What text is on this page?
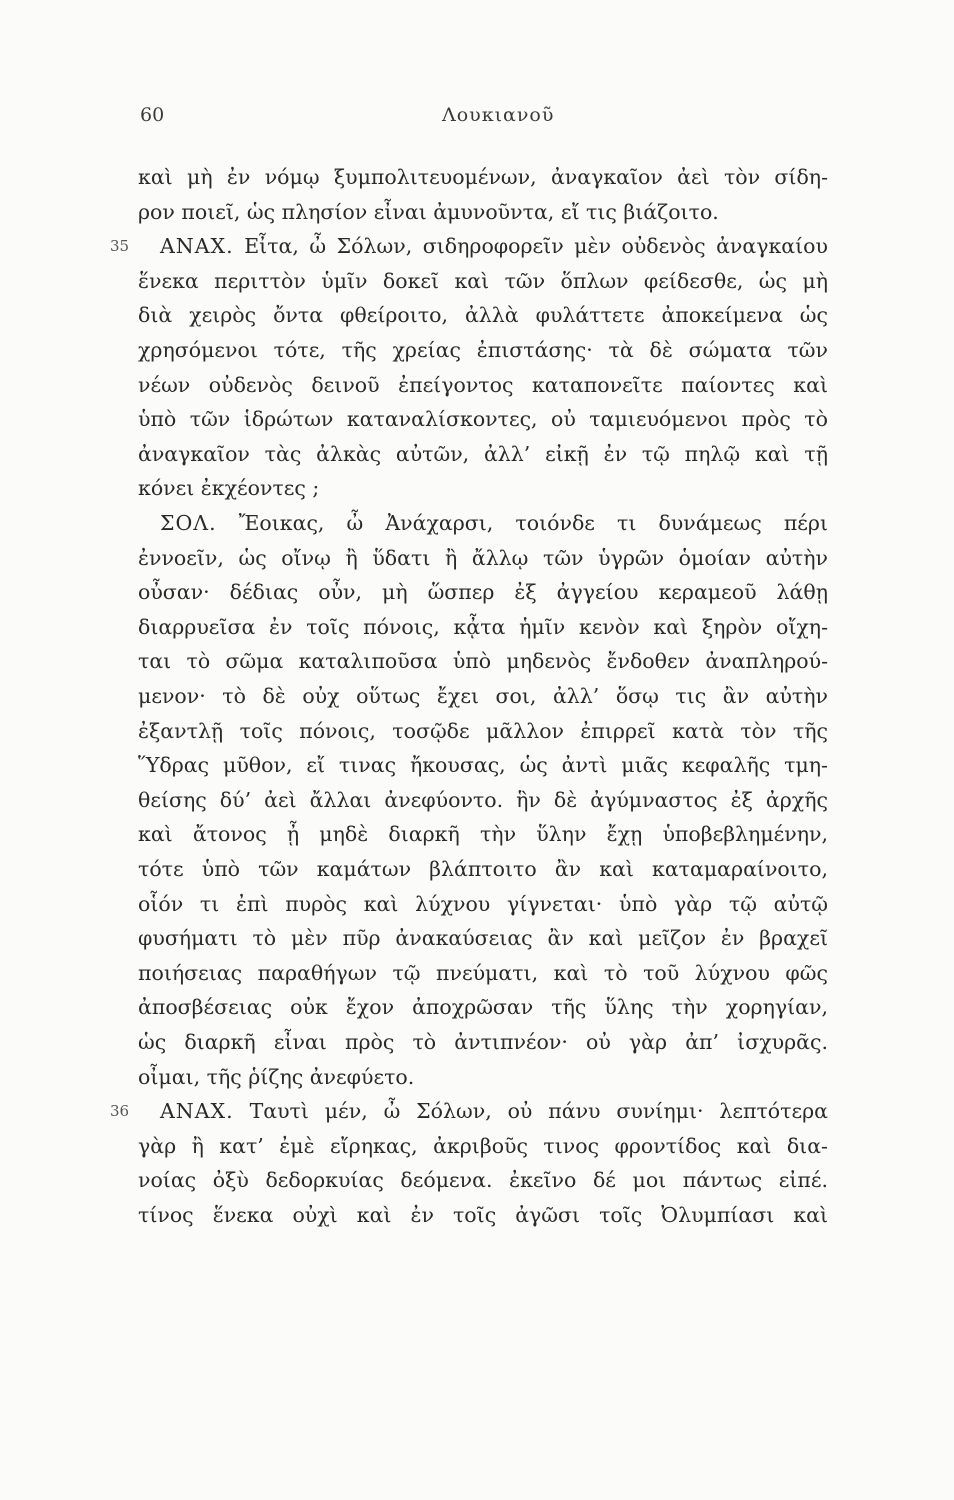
60	Λουκιανοῦ
καὶ μὴ ἐν νόμῳ ξυμπολιτευομένων, ἀναγκαῖον ἀεὶ τὸν σίδη-
ρον ποιεῖ, ὡς πλησίον εἶναι ἀμυνοῦντα, εἴ τις βιάζοιτο.
35 ΑΝΑΧ. Εἶτα, ὦ Σόλων, σιδηροφορεῖν μὲν οὐδενὸς ἀναγκαίου
ἕνεκα περιττὸν ὑμῖν δοκεῖ καὶ τῶν ὅπλων φείδεσθε, ὡς μὴ
διὰ χειρὸς ὄντα φθείροιτο, ἀλλὰ φυλάττετε ἀποκείμενα ὡς
χρησόμενοι τότε, τῆς χρείας ἐπιστάσης· τὰ δὲ σώματα τῶν
νέων οὐδενὸς δεινοῦ ἐπείγοντος καταπονεῖτε παίοντες καὶ
ὑπὸ τῶν ἱδρώτων καταναλίσκοντες, οὐ ταμιευόμενοι πρὸς τὸ
ἀναγκαῖον τὰς ἀλκὰς αὐτῶν, ἀλλ’ εἰκῇ ἐν τῷ πηλῷ καὶ τῇ
κόνει ἐκχέοντες ;
ΣΟΛ. Ἔοικας, ὦ Ἀνάχαρσι, τοιόνδε τι δυνάμεως πέρι
ἐννοεῖν, ὡς οἴνῳ ἢ ὕδατι ἢ ἄλλῳ τῶν ὑγρῶν ὁμοίαν αὐτὴν
οὖσαν· δέδιας οὖν, μὴ ὥσπερ ἐξ ἀγγείου κεραμεοῦ λάθῃ
διαρρυεῖσα ἐν τοῖς πόνοις, κᾆτα ἡμῖν κενὸν καὶ ξηρὸν οἴχη-
ται τὸ σῶμα καταλιποῦσα ὑπὸ μηδενὸς ἔνδοθεν ἀναπληρού-
μενον· τὸ δὲ οὐχ οὕτως ἔχει σοι, ἀλλ’ ὅσῳ τις ἂν αὐτὴν
ἐξαντλῇ τοῖς πόνοις, τοσῷδε μᾶλλον ἐπιρρεῖ κατὰ τὸν τῆς
Ὕδρας μῦθον, εἴ τινας ἤκουσας, ὡς ἀντὶ μιᾶς κεφαλῆς τμη-
θείσης δύ’ ἀεὶ ἄλλαι ἀνεφύοντο. ἣν δὲ ἀγύμναστος ἐξ ἀρχῆς
καὶ ἄτονος ᾖ μηδὲ διαρκῆ τὴν ὕλην ἔχῃ ὑποβεβλημένην,
τότε ὑπὸ τῶν καμάτων βλάπτοιτο ἂν καὶ καταμαραίνοιτο,
οἷόν τι ἐπὶ πυρὸς καὶ λύχνου γίγνεται· ὑπὸ γὰρ τῷ αὐτῷ
φυσήματι τὸ μὲν πῦρ ἀνακαύσειας ἂν καὶ μεῖζον ἐν βραχεῖ
ποιήσειας παραθήγων τῷ πνεύματι, καὶ τὸ τοῦ λύχνου φῶς
ἀποσβέσειας οὐκ ἔχον ἀποχρῶσαν τῆς ὕλης τὴν χορηγίαν,
ὡς διαρκῆ εἶναι πρὸς τὸ ἀντιπνέον· οὐ γὰρ ἀπ’ ἰσχυρᾶς.
οἶμαι, τῆς ῥίζης ἀνεφύετο.
36 ΑΝΑΧ. Ταυτὶ μέν, ὦ Σόλων, οὐ πάνυ συνίημι· λεπτότερα
γὰρ ἢ κατ’ ἐμὲ εἴρηκας, ἀκριβοῦς τινος φροντίδος καὶ δια-
νοίας ὀξὺ δεδορκυίας δεόμενα. ἐκεῖνο δέ μοι πάντως εἰπέ.
τίνος ἕνεκα οὐχὶ καὶ ἐν τοῖς ἀγῶσι τοῖς Ὀλυμπίασι καὶ
